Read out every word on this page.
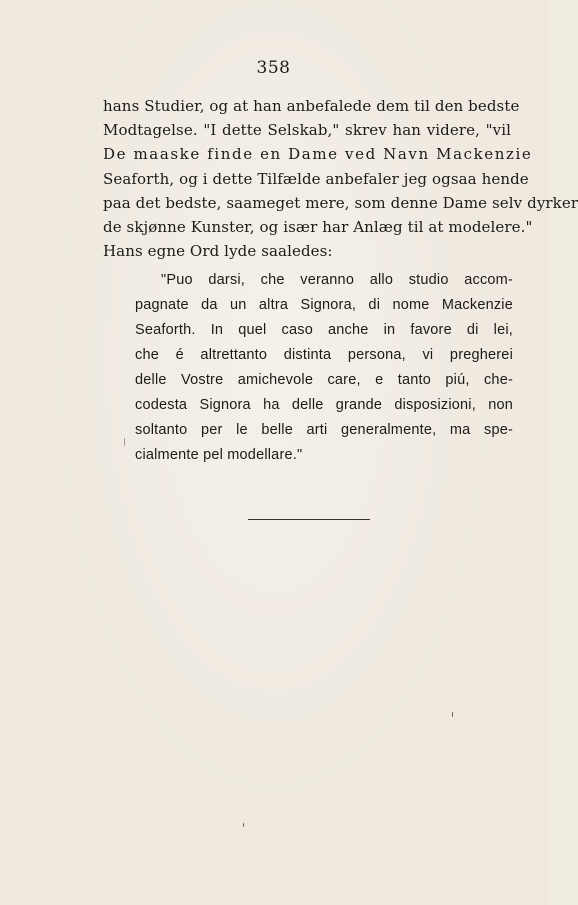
358
hans Studier, og at han anbefalede dem til den bedste
Modtagelse. "I dette Selskab," skrev han videre, "vil
De maaske finde en Dame ved Navn Mackenzie
Seaforth, og i dette Tilfælde anbefaler jeg ogsaa hende
paa det bedste, saameget mere, som denne Dame selv dyrker
de skjønne Kunster, og især har Anlæg til at modelere."
Hans egne Ord lyde saaledes:
"Puo darsi, che veranno allo studio accom-
pagnate da un altra Signora, di nome Mackenzie
Seaforth. In quel caso anche in favore di lei,
che é altrettanto distinta persona, vi pregherei
delle Vostre amichevole care, e tanto piú, che-
codesta Signora ha delle grande disposizioni, non
soltanto per le belle arti generalmente, ma spe-
cialmente pel modellare."
